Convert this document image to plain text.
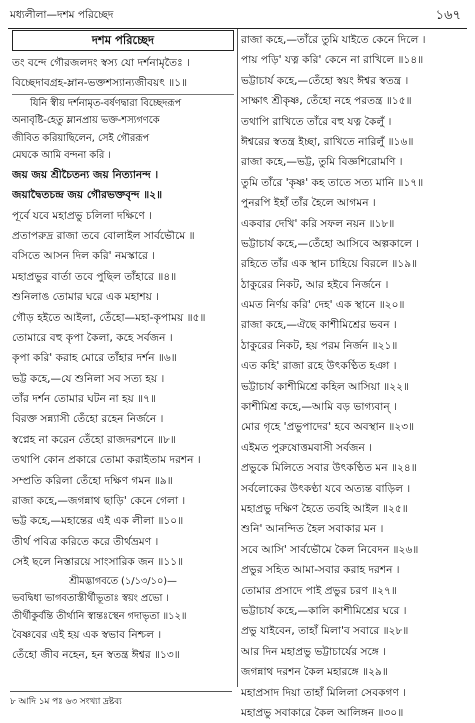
মধ্যলীলা—দশম পরিচ্ছেদ	১৬৭
দশম পরিচ্ছেদ
তং বন্দে গৌরজলদং স্বস্য যো দর্শনামৃতৈঃ ।
বিচ্ছেদাবগ্রহ-ম্লান-ভক্তশস্যান্যজীবয়ৎ ॥১॥
যিনি স্বীয় দর্শনামৃত-বর্ষণদ্বারা বিচ্ছেদরূপ
অনাবৃষ্টি-হেতু ম্লানপ্রায় ভক্ত-শস্যগণকে
জীবিত করিয়াছিলেন, সেই গৌররূপ
মেঘকে আমি বন্দনা করি ।
জয় জয় শ্রীচৈতন্য জয় নিত্যানন্দ ।
জয়াদ্বৈতচন্দ্র জয় গৌরভক্তবৃন্দ ॥২॥
পূর্বে যবে মহাপ্রভু চলিলা দক্ষিণে ।
প্রতাপরুদ্র রাজা তবে বোলাইল সার্বভৌমে ॥
বসিতে আসন দিল করি' নমস্কারে ।
মহাপ্রভুর বার্তা তবে পুছিল তাঁহারে ॥৪॥
শুনিলাঙ তোমার ঘরে এক মহাশয় ।
গৌড় হইতে আইলা, তেঁহো—মহা-কৃপাময় ॥৫॥
তোমারে বহু কৃপা কৈলা, কহে সর্বজন ।
কৃপা করি' করাহ মোরে তাঁহার দর্শন ॥৬॥
ভট্ট কহে,—যে শুনিলা সব সত্য হয় ।
তাঁর দর্শন তোমার ঘটন না হয় ॥৭॥
বিরক্ত সন্ন্যাসী তেঁহো রহেন নির্জনে ।
স্বপ্নেহ না করেন তেঁহো রাজদরশনে ॥৮॥
তথাপি কোন প্রকারে তোমা করাইতাম দরশন ।
সম্প্রতি করিলা তেঁহো দক্ষিণ গমন ॥৯॥
রাজা কহে,—জগন্নাথ ছাড়ি' কেনে গেলা ।
ভট্ট কহে,—মহান্তের এই এক লীলা ॥১০॥
তীর্থ পবিত্র করিতে করে তীর্থভ্রমণ ।
সেই ছলে নিস্তারয়ে সাংসারিক জন ॥১১॥
শ্রীমদ্ভাগবতে (১/১৩/১০)—
ভবদ্বিধা ভাগবতাস্তীর্থীভূতাঃ স্বয়ং প্রভো ।
তীর্থীকুর্বন্তি তীর্থানি স্বান্তঃস্থেন গদাভৃতা ॥১২॥
বৈষ্ণবের এই হয় এক স্বভাব নিশ্চল ।
তেঁহো জীব নহেন, হন স্বতন্ত্র ঈশ্বর ॥১৩॥
রাজা কহে,—তাঁরে তুমি যাইতে কেনে দিলে ।
পায় পড়ি' যত্ন করি' কেনে না রাখিলে ॥১৪॥
ভট্টাচার্য কহে,—তেঁহো স্বয়ং ঈশ্বর স্বতন্ত্র ।
সাক্ষাৎ শ্রীকৃষ্ণ, তেঁহো নহে পরতন্ত্র ॥১৫॥
তথাপি রাখিতে তাঁরে বহু যত্ন কৈলুঁ ।
ঈশ্বরের স্বতন্ত্র ইচ্ছা, রাখিতে নারিলুঁ ॥১৬॥
রাজা কহে,—ভট্ট, তুমি বিজ্ঞশিরোমণি ।
তুমি তাঁরে 'কৃষ্ণ' কহ তাতে সত্য মানি ॥১৭॥
পুনরপি ইহাঁ তাঁর হৈলে আগমন ।
একবার দেখি' করি সফল নয়ন ॥১৮॥
ভট্টাচার্য কহে,—তেঁহো আসিবে অল্পকালে ।
রহিতে তাঁর এক স্থান চাহিয়ে বিরলে ॥১৯॥
ঠাকুরের নিকট, আর হইবে নির্জনে ।
এমত নির্ণয় করি' দেহ' এক স্থানে ॥২০॥
রাজা কহে,—ঐছে কাশীমিশ্রের ভবন ।
ঠাকুরের নিকট, হয় পরম নির্জন ॥২১॥
এত কহি' রাজা রহে উৎকণ্ঠিত হঞা ।
ভট্টাচার্য কাশীমিশ্রে কহিল আসিয়া ॥২২॥
কাশীমিশ্র কহে,—আমি বড় ভাগ্যবান্ ।
মোর গৃহে 'প্রভুপাদের' হবে অবস্থান ॥২৩॥
এইমত পুরুষোত্তমবাসী সর্বজন ।
প্রভুকে মিলিতে সবার উৎকণ্ঠিত মন ॥২৪॥
সর্বলোকের উৎকণ্ঠা যবে অত্যন্ত বাড়িল ।
মহাপ্রভু দক্ষিণ হৈতে তবহি আইল ॥২৫॥
শুনি' আনন্দিত হৈল সবাকার মন ।
সবে আসি' সার্বভৌমে কৈল নিবেদন ॥২৬॥
প্রভুর সহিত আমা-সবার করাহ দরশন ।
তোমার প্রসাদে পাই প্রভুর চরণ ॥২৭॥
ভট্টাচার্য কহে,—কালি কাশীমিশ্রের ঘরে ।
প্রভু যাইবেন, তাহাঁ মিলা'ব সবারে ॥২৮॥
আর দিন মহাপ্রভু ভট্টাচার্যের সঙ্গে ।
জগন্নাথ দরশন কৈল মহারঙ্গে ॥২৯॥
মহাপ্রসাদ দিয়া তাহাঁ মিলিলা সেবকগণ ।
মহাপ্রভু সবাকারে কৈল আলিঙ্গন ॥৩০॥
৮ আদি ১ম পঃ ৬৩ সংখ্যা দ্রষ্টব্য
